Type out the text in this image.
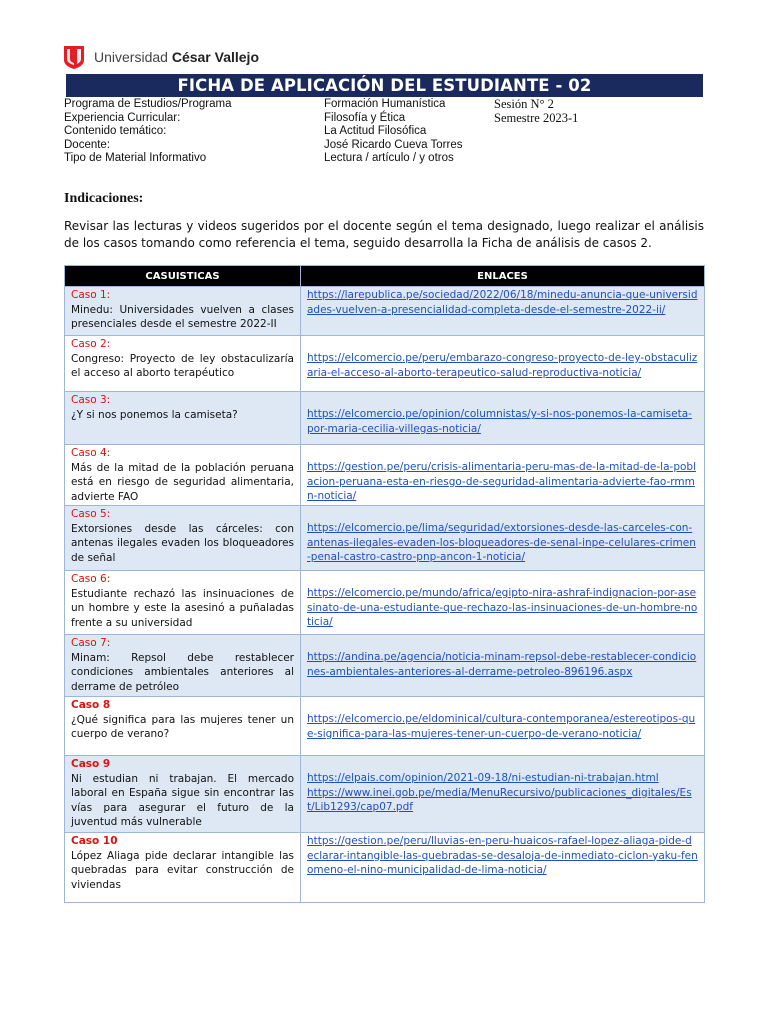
Universidad César Vallejo
FICHA DE APLICACIÓN DEL ESTUDIANTE - 02
Programa de Estudios/Programa
Experiencia Curricular:
Contenido temático:
Docente:
Tipo de Material Informativo
Formación Humanística
Filosofía y Ética
La Actitud Filosófica
José Ricardo Cueva Torres
Lectura / artículo / y otros
Sesión N° 2
Semestre 2023-1
Indicaciones:
Revisar las lecturas y videos sugeridos por el docente según el tema designado, luego realizar el análisis de los casos tomando como referencia el tema, seguido desarrolla la Ficha de análisis de casos 2.
CASUISTICAS	ENLACES

Caso 1:
Minedu: Universidades vuelven a clases presenciales desde el semestre 2022-II	https://larepublica.pe/sociedad/2022/06/18/minedu-anuncia-que-universidades-vuelven-a-presencialidad-completa-desde-el-semestre-2022-ii/

Caso 2:
Congreso: Proyecto de ley obstaculizaría el acceso al aborto terapéutico	https://elcomercio.pe/peru/embarazo-congreso-proyecto-de-ley-obstaculizaria-el-acceso-al-aborto-terapeutico-salud-reproductiva-noticia/

Caso 3:
¿Y si nos ponemos la camiseta?	https://elcomercio.pe/opinion/columnistas/y-si-nos-ponemos-la-camiseta-por-maria-cecilia-villegas-noticia/

Caso 4:
Más de la mitad de la población peruana está en riesgo de seguridad alimentaria, advierte FAO	https://gestion.pe/peru/crisis-alimentaria-peru-mas-de-la-mitad-de-la-poblacion-peruana-esta-en-riesgo-de-seguridad-alimentaria-advierte-fao-rmmn-noticia/

Caso 5:
Extorsiones desde las cárceles: con antenas ilegales evaden los bloqueadores de señal	https://elcomercio.pe/lima/seguridad/extorsiones-desde-las-carceles-con-antenas-ilegales-evaden-los-bloqueadores-de-senal-inpe-celulares-crimen-penal-castro-castro-pnp-ancon-1-noticia/

Caso 6:
Estudiante rechazó las insinuaciones de un hombre y este la asesinó a puñaladas frente a su universidad	https://elcomercio.pe/mundo/africa/egipto-nira-ashraf-indignacion-por-asesinato-de-una-estudiante-que-rechazo-las-insinuaciones-de-un-hombre-noticia/

Caso 7:
Minam: Repsol debe restablecer condiciones ambientales anteriores al derrame de petróleo	https://andina.pe/agencia/noticia-minam-repsol-debe-restablecer-condiciones-ambientales-anteriores-al-derrame-petroleo-896196.aspx

Caso 8
¿Qué significa para las mujeres tener un cuerpo de verano?	https://elcomercio.pe/eldominical/cultura-contemporanea/estereotipos-que-significa-para-las-mujeres-tener-un-cuerpo-de-verano-noticia/

Caso 9
Ni estudian ni trabajan. El mercado laboral en España sigue sin encontrar las vías para asegurar el futuro de la juventud más vulnerable	https://elpais.com/opinion/2021-09-18/ni-estudian-ni-trabajan.html
https://www.inei.gob.pe/media/MenuRecursivo/publicaciones_digitales/Est/Lib1293/cap07.pdf

Caso 10
López Aliaga pide declarar intangible las quebradas para evitar construcción de viviendas	https://gestion.pe/peru/lluvias-en-peru-huaicos-rafael-lopez-aliaga-pide-declarar-intangible-las-quebradas-se-desaloja-de-inmediato-ciclon-yaku-fenomeno-el-nino-municipalidad-de-lima-noticia/
